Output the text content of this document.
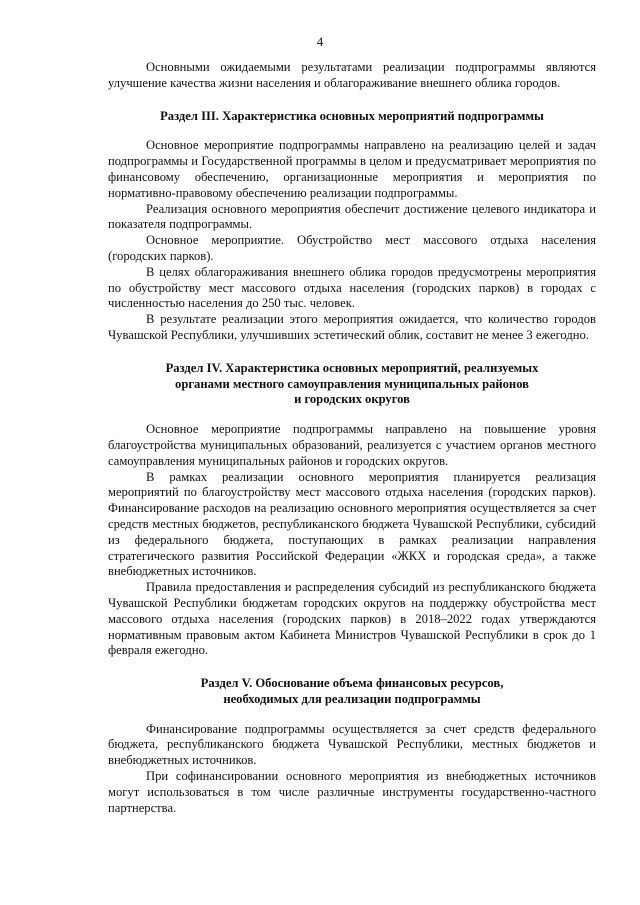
4

Основными ожидаемыми результатами реализации подпрограммы являются улучшение качества жизни населения и облагораживание внешнего облика городов.

Раздел III. Характеристика основных мероприятий подпрограммы

Основное мероприятие подпрограммы направлено на реализацию целей и задач подпрограммы и Государственной программы в целом и предусматривает мероприятия по финансовому обеспечению, организационные мероприятия и мероприятия по нормативно-правовому обеспечению реализации подпрограммы.

Реализация основного мероприятия обеспечит достижение целевого индикатора и показателя подпрограммы.

Основное мероприятие. Обустройство мест массового отдыха населения (городских парков).

В целях облагораживания внешнего облика городов предусмотрены мероприятия по обустройству мест массового отдыха населения (городских парков) в городах с численностью населения до 250 тыс. человек.

В результате реализации этого мероприятия ожидается, что количество городов Чувашской Республики, улучшивших эстетический облик, составит не менее 3 ежегодно.

Раздел IV. Характеристика основных мероприятий, реализуемых
органами местного самоуправления муниципальных районов
и городских округов

Основное мероприятие подпрограммы направлено на повышение уровня благоустройства муниципальных образований, реализуется с участием органов местного самоуправления муниципальных районов и городских округов.

В рамках реализации основного мероприятия планируется реализация мероприятий по благоустройству мест массового отдыха населения (городских парков). Финансирование расходов на реализацию основного мероприятия осуществляется за счет средств местных бюджетов, республиканского бюджета Чувашской Республики, субсидий из федерального бюджета, поступающих в рамках реализации направления стратегического развития Российской Федерации «ЖКХ и городская среда», а также внебюджетных источников.

Правила предоставления и распределения субсидий из республиканского бюджета Чувашской Республики бюджетам городских округов на поддержку обустройства мест массового отдыха населения (городских парков) в 2018–2022 годах утверждаются нормативным правовым актом Кабинета Министров Чувашской Республики в срок до 1 февраля ежегодно.

Раздел V. Обоснование объема финансовых ресурсов,
необходимых для реализации подпрограммы

Финансирование подпрограммы осуществляется за счет средств федерального бюджета, республиканского бюджета Чувашской Республики, местных бюджетов и внебюджетных источников.

При софинансировании основного мероприятия из внебюджетных источников могут использоваться в том числе различные инструменты государственно-частного партнерства.
